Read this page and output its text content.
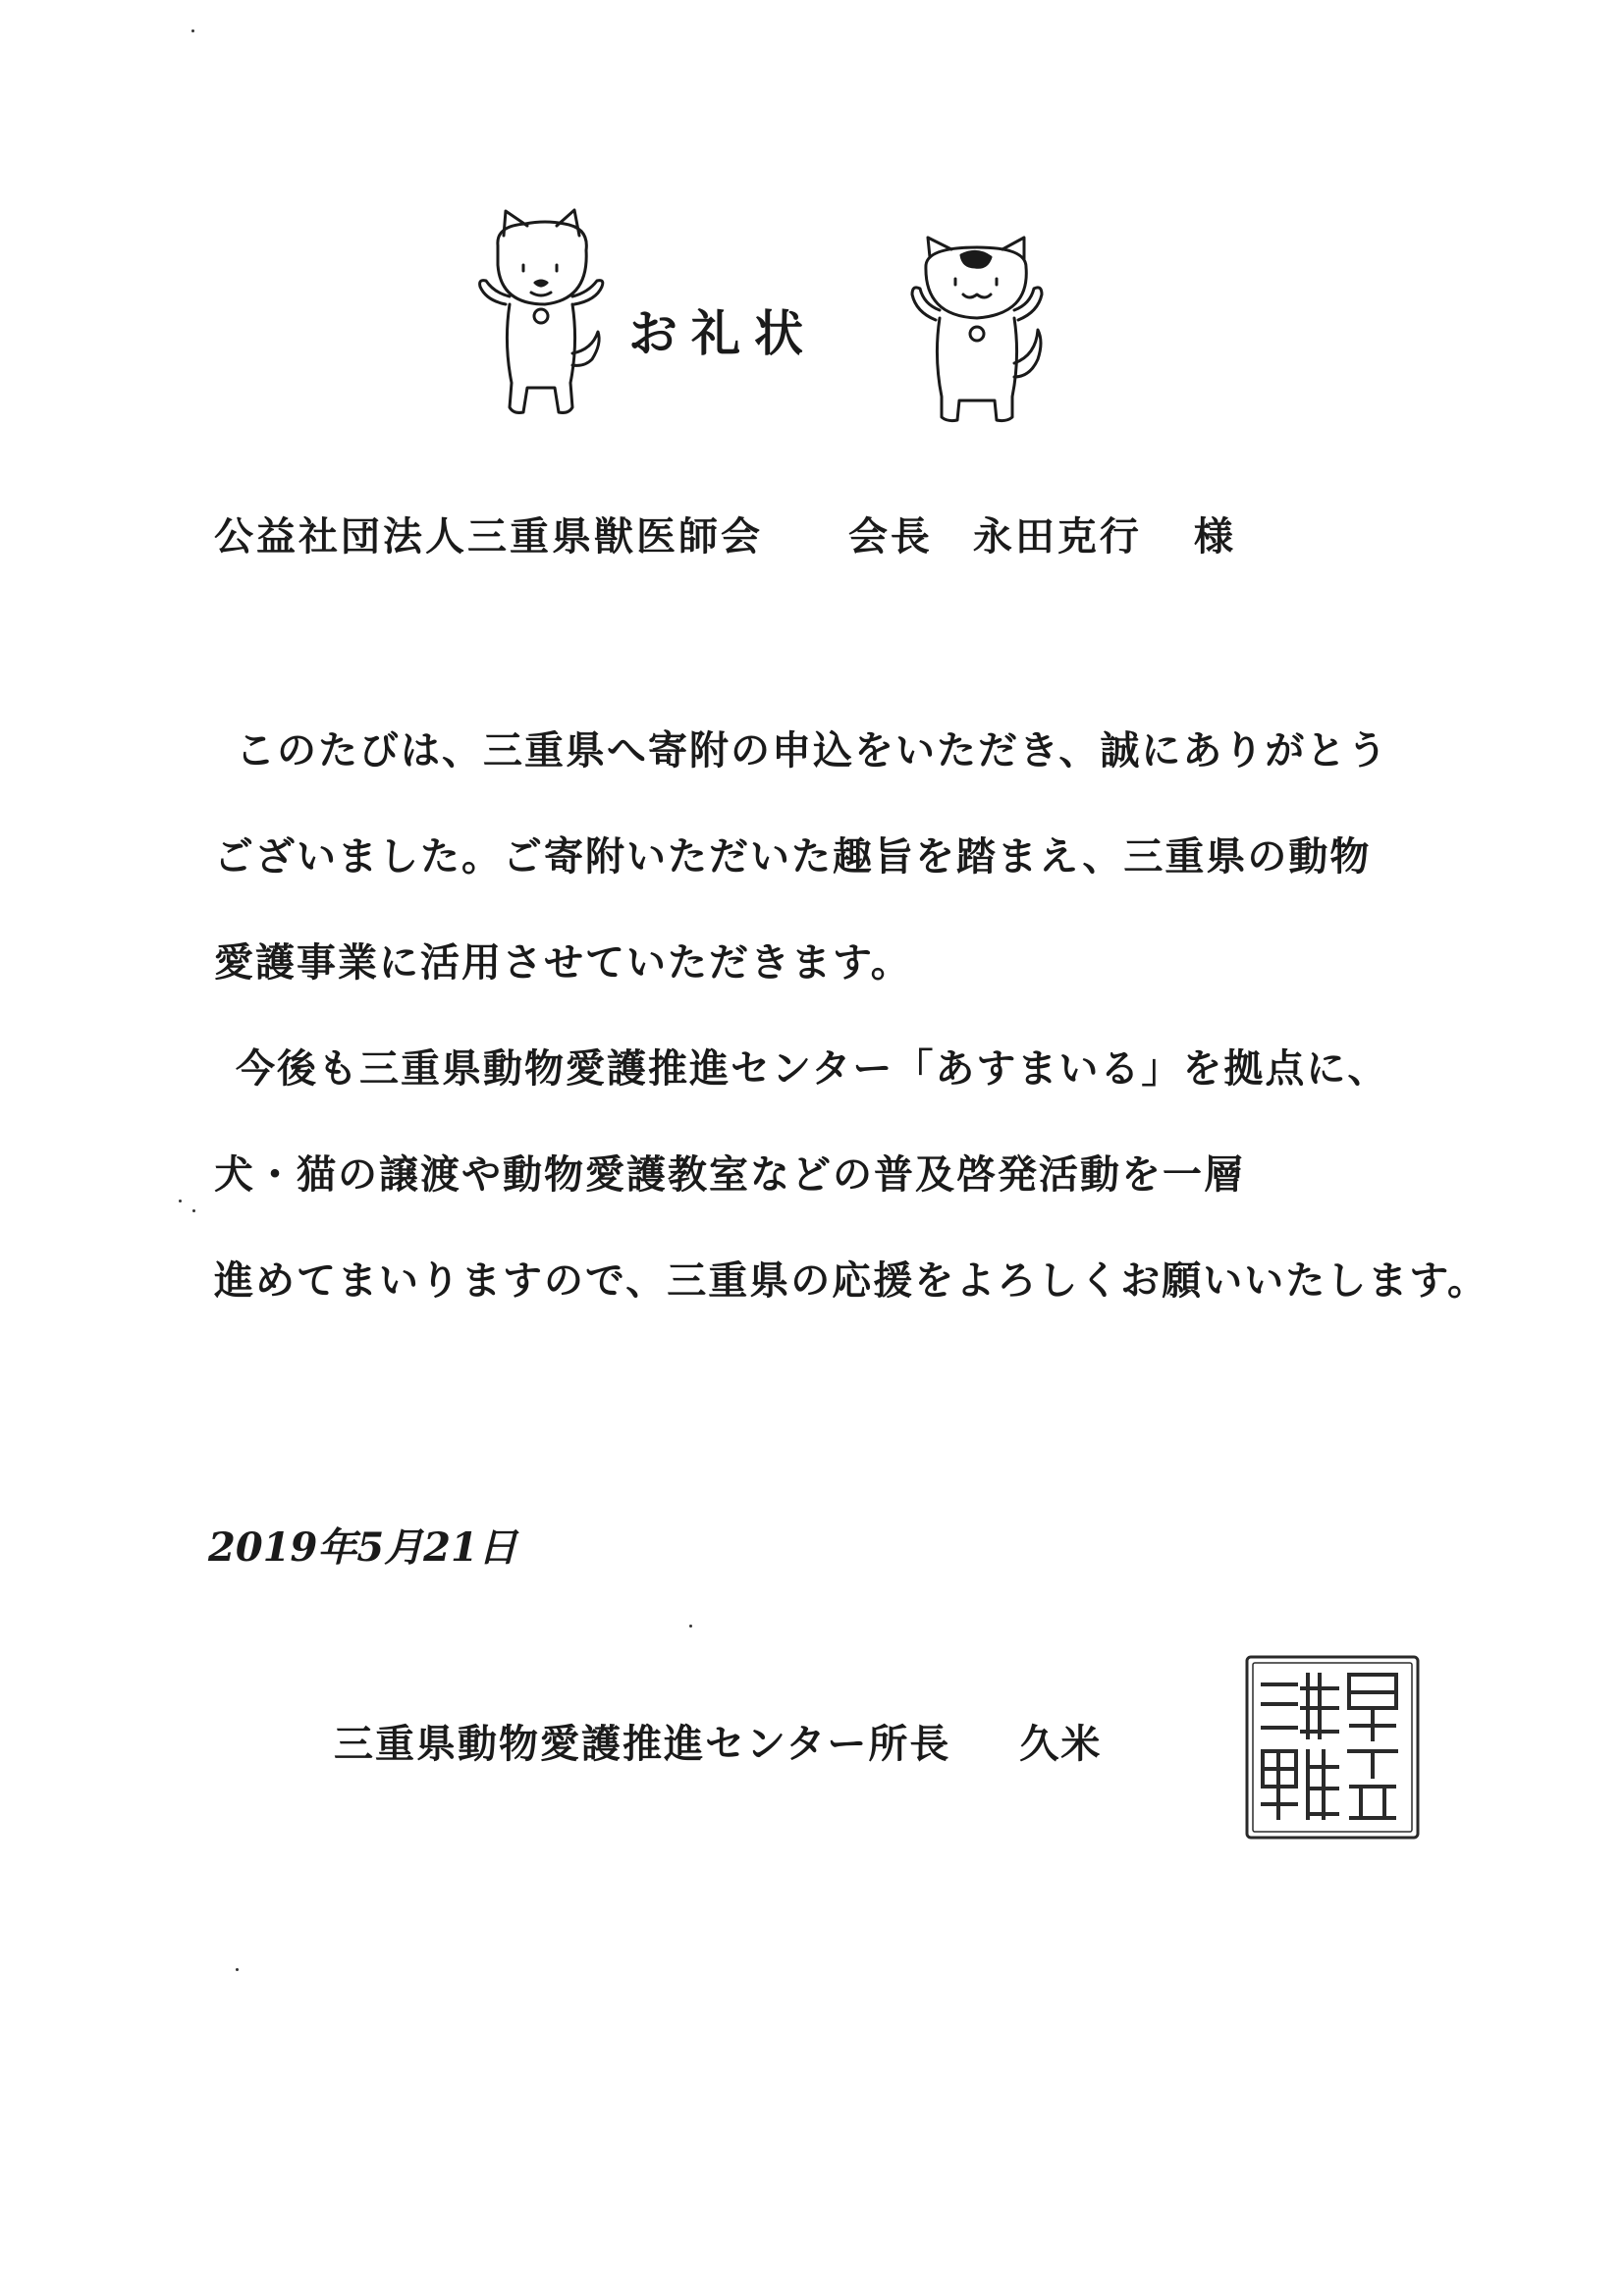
お礼状
公益社団法人三重県獣医師会 会長 永田克行 様
このたびは、三重県へ寄附の申込をいただき、誠にありがとう
ございました。ご寄附いただいた趣旨を踏まえ、三重県の動物
愛護事業に活用させていただきます。
今後も三重県動物愛護推進センター「あすまいる」を拠点に、
犬・猫の譲渡や動物愛護教室などの普及啓発活動を一層
進めてまいりますので、三重県の応援をよろしくお願いいたします。
2019年5月21日
三重県動物愛護推進センター所長 久米
